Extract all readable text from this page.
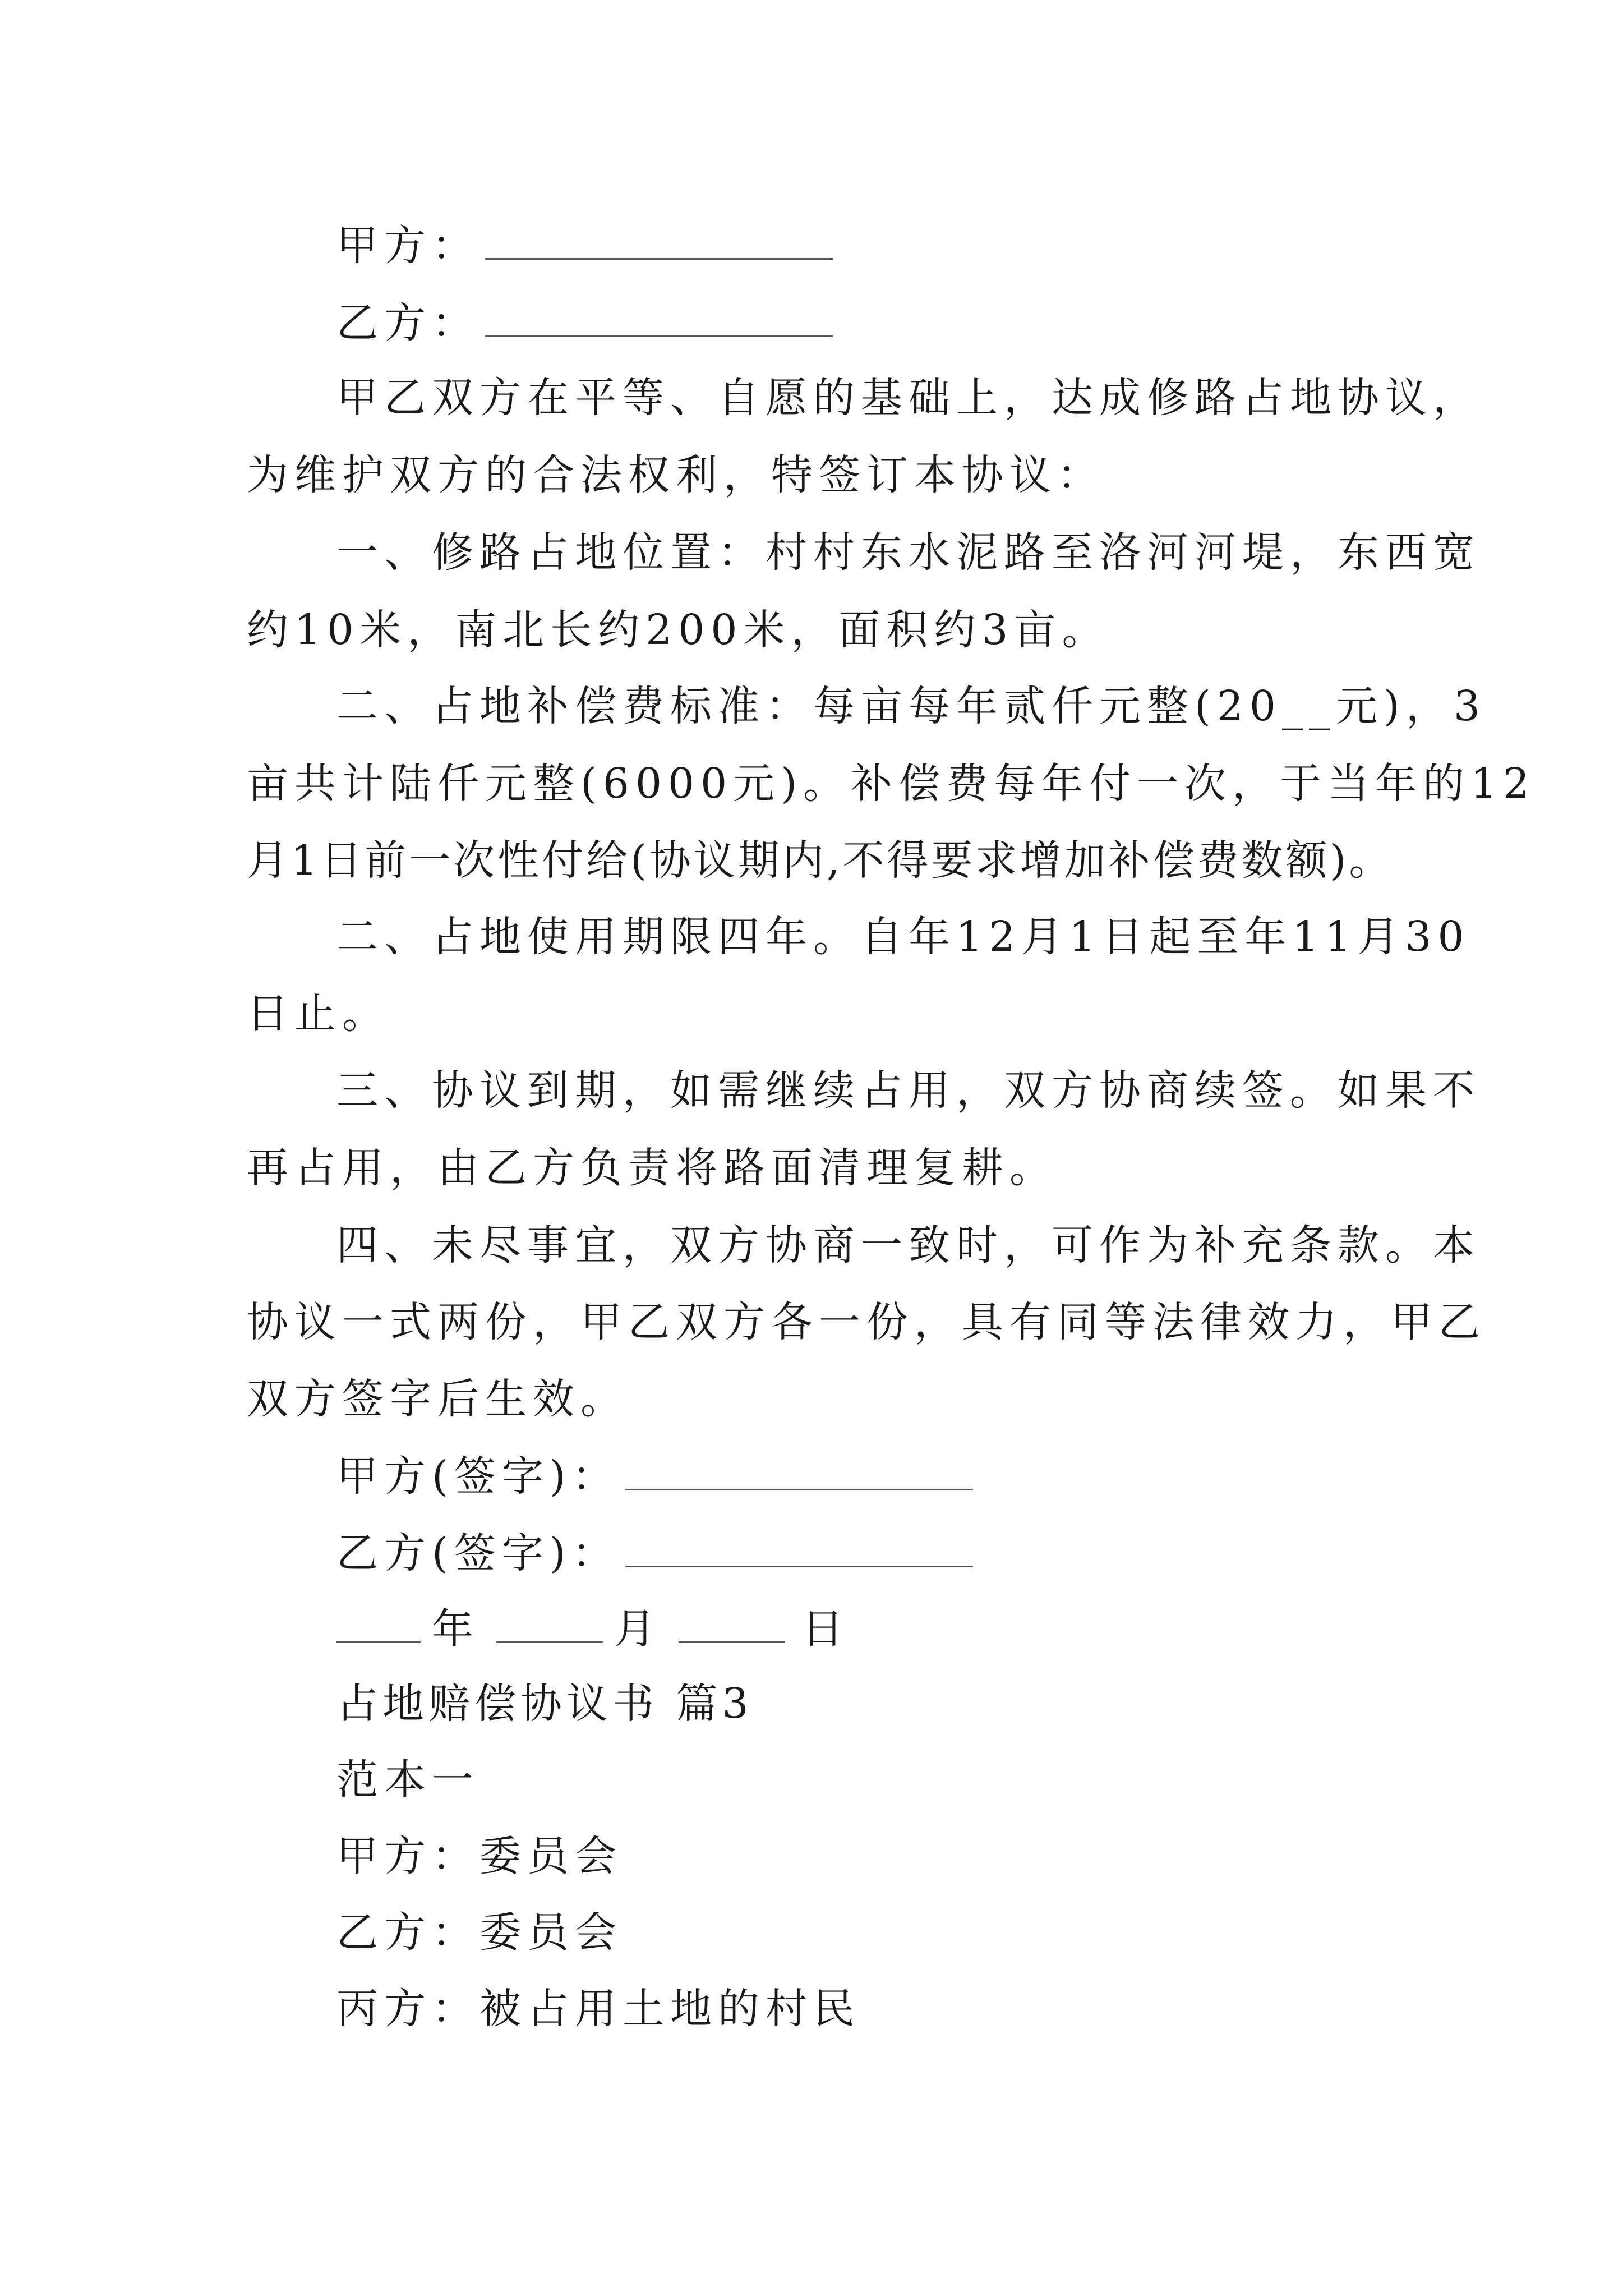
甲方：
乙方：
甲乙双方在平等、自愿的基础上，达成修路占地协议，
为维护双方的合法权利，特签订本协议：
一、修路占地位置：村村东水泥路至洛河河堤，东西宽
约10米，南北长约200米，面积约3亩。
二、占地补偿费标准：每亩每年贰仟元整(20__元)，3
亩共计陆仟元整(6000元)。补偿费每年付一次，于当年的12
月1日前一次性付给(协议期内,不得要求增加补偿费数额)。
二、占地使用期限四年。自年12月1日起至年11月30
日止。
三、协议到期，如需继续占用，双方协商续签。如果不
再占用，由乙方负责将路面清理复耕。
四、未尽事宜，双方协商一致时，可作为补充条款。本
协议一式两份，甲乙双方各一份，具有同等法律效力，甲乙
双方签字后生效。
甲方(签字)：
乙方(签字)：
年	月	日
占地赔偿协议书 篇3
范本一
甲方：委员会
乙方：委员会
丙方：被占用土地的村民
